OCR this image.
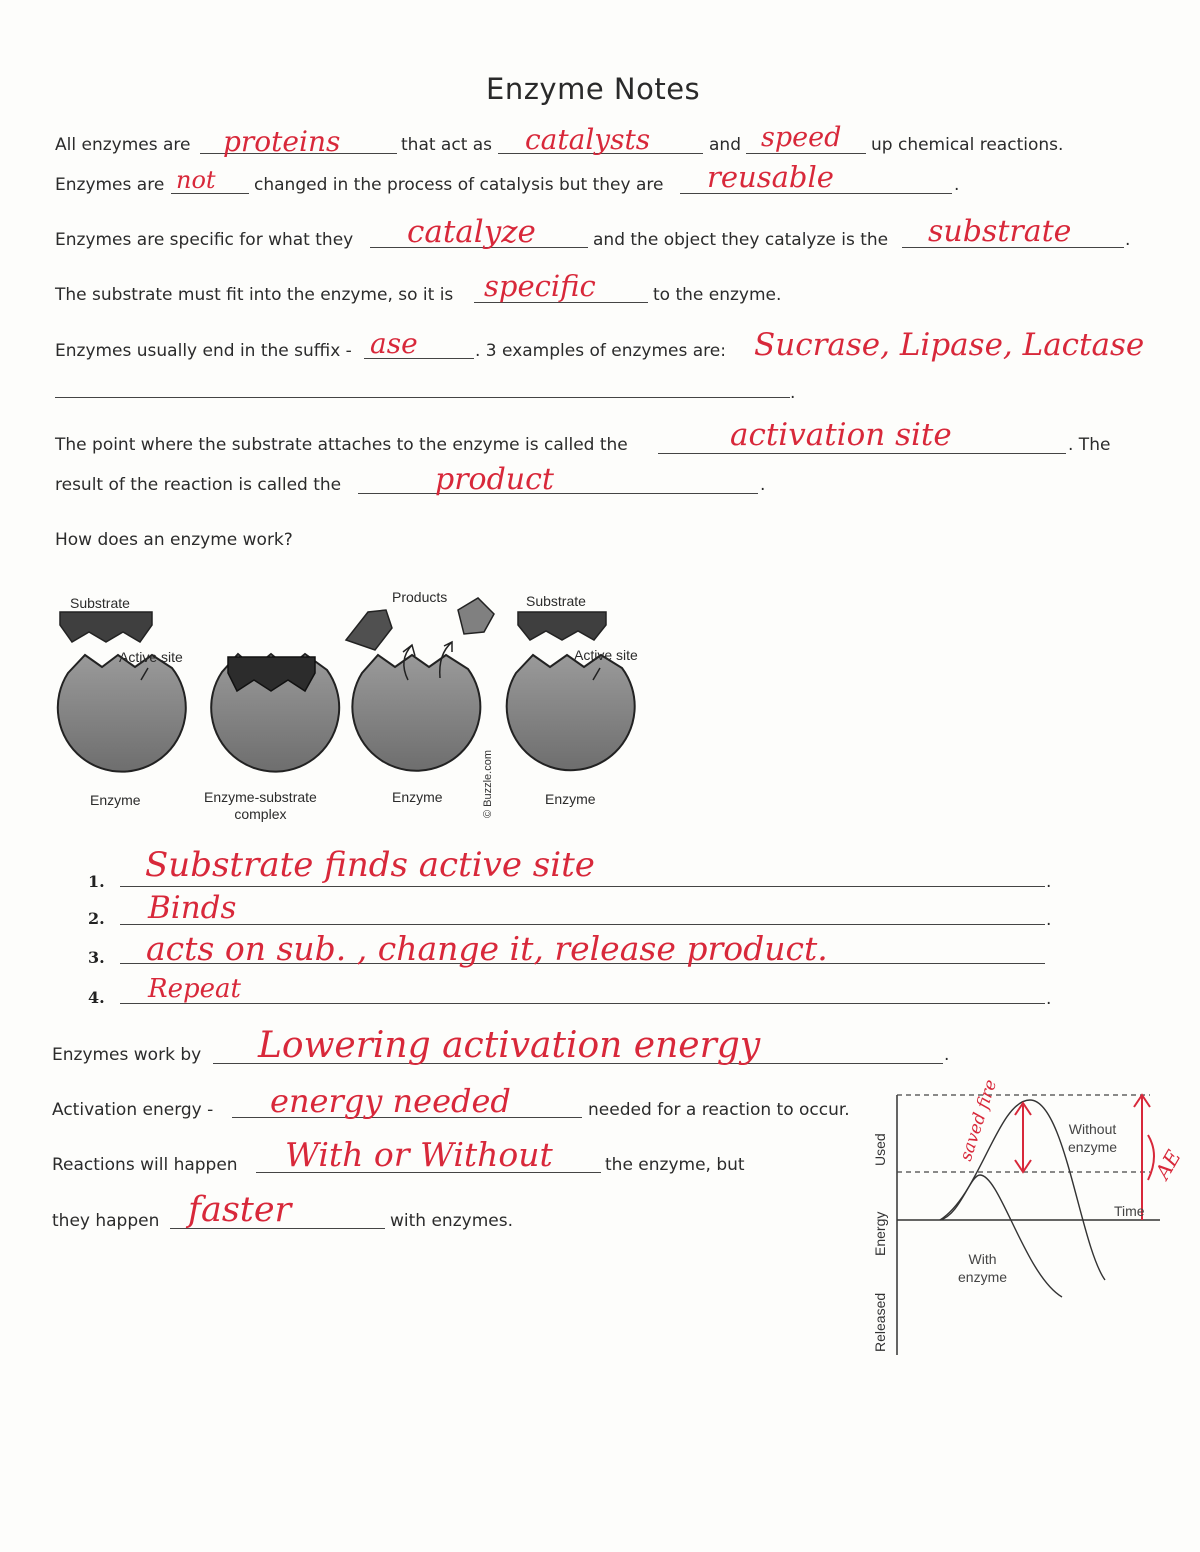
Enzyme Notes
All enzymes are proteins	that act as catalysts	and speed up chemical reactions.
Enzymes are not changed in the process of catalysis but they are reusable	.
Enzymes are specific for what they catalyze	and the object they catalyze is the substrate	.
The substrate must fit into the enzyme, so it is specific	to the enzyme.
Enzymes usually end in the suffix - ase	. 3 examples of enzymes are: Sucrase, Lipase, Lactase
.
The point where the substrate attaches to the enzyme is called the	activation site	. The
result of the reaction is called the	product	.
How does an enzyme work?
Substrate
Active site
Products	Substrate
Active site
Enzyme	Enzyme-substrate
complex
Enzyme	© Buzzle.com	Enzyme
1. Substrate finds active site	.
2. Binds	.
3. acts on sub. , change it, release product.
4. Repeat	.
Enzymes work by Lowering activation energy	.
Activation energy - energy needed	needed for a reaction to occur.
Reactions will happen With or Without	the enzyme, but
they happen faster	with enzymes.
Without
enzyme
With
enzyme
Time
Released
Energy
Used	saved fire
AE
